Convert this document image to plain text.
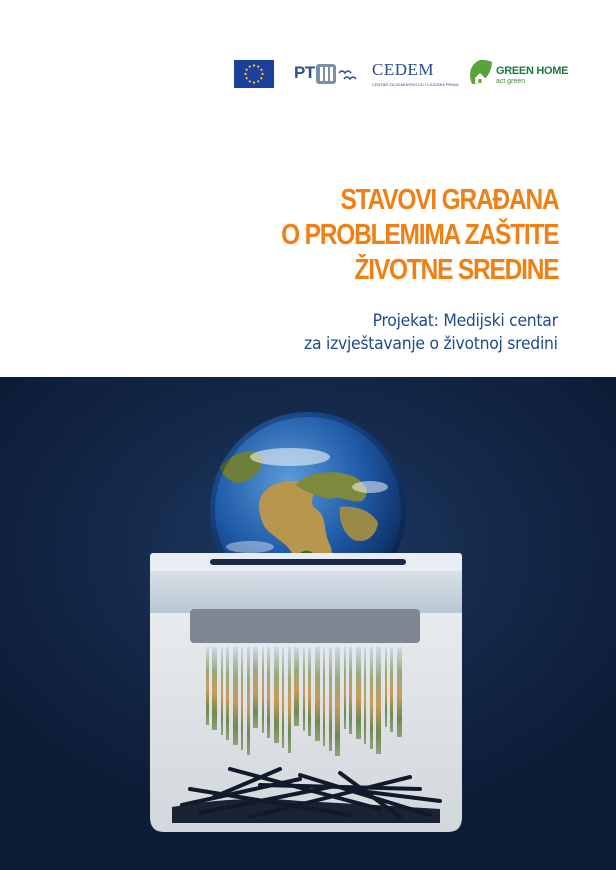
PT	CEDEM
CENTAR ZA DEMOKRATIJU I LJUDSKA PRAVA
GREEN HOME
act green
STAVOVI GRAĐANA
O PROBLEMIMA ZAŠTITE
ŽIVOTNE SREDINE
Projekat: Medijski centar
za izvještavanje o životnoj sredini
